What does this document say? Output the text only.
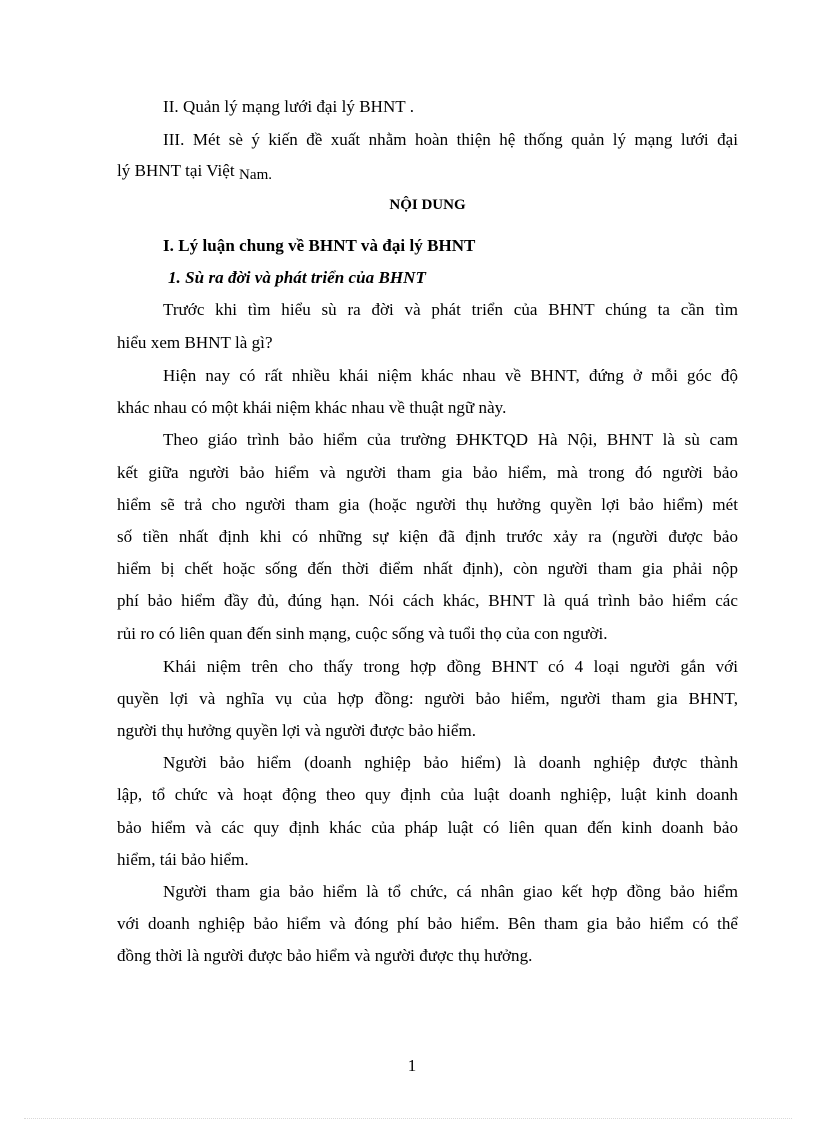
II. Quản lý mạng lưới đại lý BHNT .
III. Mét sè ý kiến đề xuất nhằm hoàn thiện hệ thống quản lý mạng lưới đại
lý BHNT tại Việt Nam.
NỘI DUNG
I. Lý luận chung về BHNT và đại lý BHNT
1. Sù ra đời và phát triển của BHNT
Trước khi tìm hiểu sù ra đời và phát triển của BHNT chúng ta cần tìm
hiểu xem BHNT là gì?
Hiện nay có rất nhiều khái niệm khác nhau về BHNT, đứng ở mỗi góc độ
khác nhau có một khái niệm khác nhau về thuật ngữ này.
Theo giáo trình bảo hiểm của trường ĐHKTQD Hà Nội, BHNT là sù cam
kết giữa người bảo hiểm và người tham gia bảo hiểm, mà trong đó người bảo
hiểm sẽ trả cho người tham gia (hoặc người thụ hưởng quyền lợi bảo hiểm) mét
số tiền nhất định khi có những sự kiện đã định trước xảy ra (người được bảo
hiểm bị chết hoặc sống đến thời điểm nhất định), còn người tham gia phải nộp
phí bảo hiểm đầy đủ, đúng hạn. Nói cách khác, BHNT là quá trình bảo hiểm các
rủi ro có liên quan đến sinh mạng, cuộc sống và tuổi thọ của con người.
Khái niệm trên cho thấy trong hợp đồng BHNT có 4 loại người gắn với
quyền lợi và nghĩa vụ của hợp đồng: người bảo hiểm, người tham gia BHNT,
người thụ hưởng quyền lợi và người được bảo hiểm.
Người bảo hiểm (doanh nghiệp bảo hiểm) là doanh nghiệp được thành
lập, tổ chức và hoạt động theo quy định của luật doanh nghiệp, luật kinh doanh
bảo hiểm và các quy định khác của pháp luật có liên quan đến kinh doanh bảo
hiểm, tái bảo hiểm.
Người tham gia bảo hiểm là tổ chức, cá nhân giao kết hợp đồng bảo hiểm
với doanh nghiệp bảo hiểm và đóng phí bảo hiểm. Bên tham gia bảo hiểm có thể
đồng thời là người được bảo hiểm và người được thụ hưởng.
1
